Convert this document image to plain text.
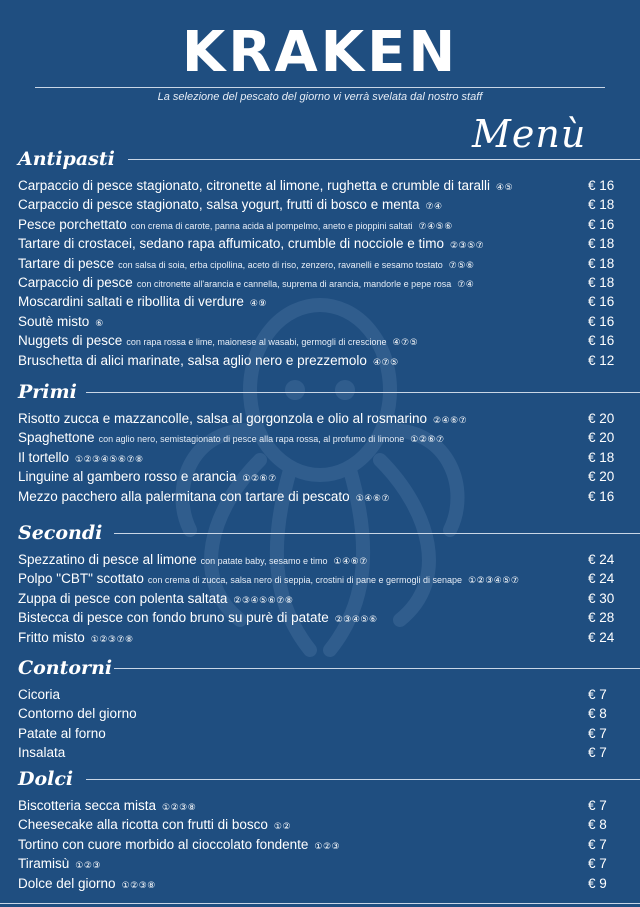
KRAKEN
La selezione del pescato del giorno vi verrà svelata dal nostro staff
Menù
Antipasti
Carpaccio di pesce stagionato, citronette al limone, rughetta e crumble di taralli ④⑤	€ 16
Carpaccio di pesce stagionato, salsa yogurt, frutti di bosco e menta ⑦④	€ 18
Pesce porchettato con crema di carote, panna acida al pompelmo, aneto e pioppini saltati ⑦④⑤⑥	€ 16
Tartare di crostacei, sedano rapa affumicato, crumble di nocciole e timo ②③⑤⑦	€ 18
Tartare di pesce con salsa di soia, erba cipollina, aceto di riso, zenzero, ravanelli e sesamo tostato ⑦⑤⑥	€ 18
Carpaccio di pesce con citronette all'arancia e cannella, suprema di arancia, mandorle e pepe rosa ⑦④	€ 18
Moscardini saltati e ribollita di verdure ④⑨	€ 16
Soutè misto ⑥	€ 16
Nuggets di pesce con rapa rossa e lime, maionese al wasabi, germogli di crescione ④⑦⑤	€ 16
Bruschetta di alici marinate, salsa aglio nero e prezzemolo ④⑦⑤	€ 12
Primi
Risotto zucca e mazzancolle, salsa al gorgonzola e olio al rosmarino ②④⑥⑦	€ 20
Spaghettone con aglio nero, semistagionato di pesce alla rapa rossa, al profumo di limone ①②⑥⑦	€ 20
Il tortello ①②③④⑤⑥⑦⑧	€ 18
Linguine al gambero rosso e arancia ①②⑥⑦	€ 20
Mezzo pacchero alla palermitana con tartare di pescato ①④⑥⑦	€ 16
Secondi
Spezzatino di pesce al limone con patate baby, sesamo e timo ①④⑥⑦	€ 24
Polpo "CBT" scottato con crema di zucca, salsa nero di seppia, crostini di pane e germogli di senape ①②③④⑤⑦	€ 24
Zuppa di pesce con polenta saltata ②③④⑤⑥⑦⑧	€ 30
Bistecca di pesce con fondo bruno su purè di patate ②③④⑤⑥	€ 28
Fritto misto ①②③⑦⑧	€ 24
Contorni
Cicoria	€ 7
Contorno del giorno	€ 8
Patate al forno	€ 7
Insalata	€ 7
Dolci
Biscotteria secca mista ①②③⑧	€ 7
Cheesecake alla ricotta con frutti di bosco ①②	€ 8
Tortino con cuore morbido al cioccolato fondente ①②③	€ 7
Tiramisù ①②③	€ 7
Dolce del giorno ①②③⑧	€ 9
